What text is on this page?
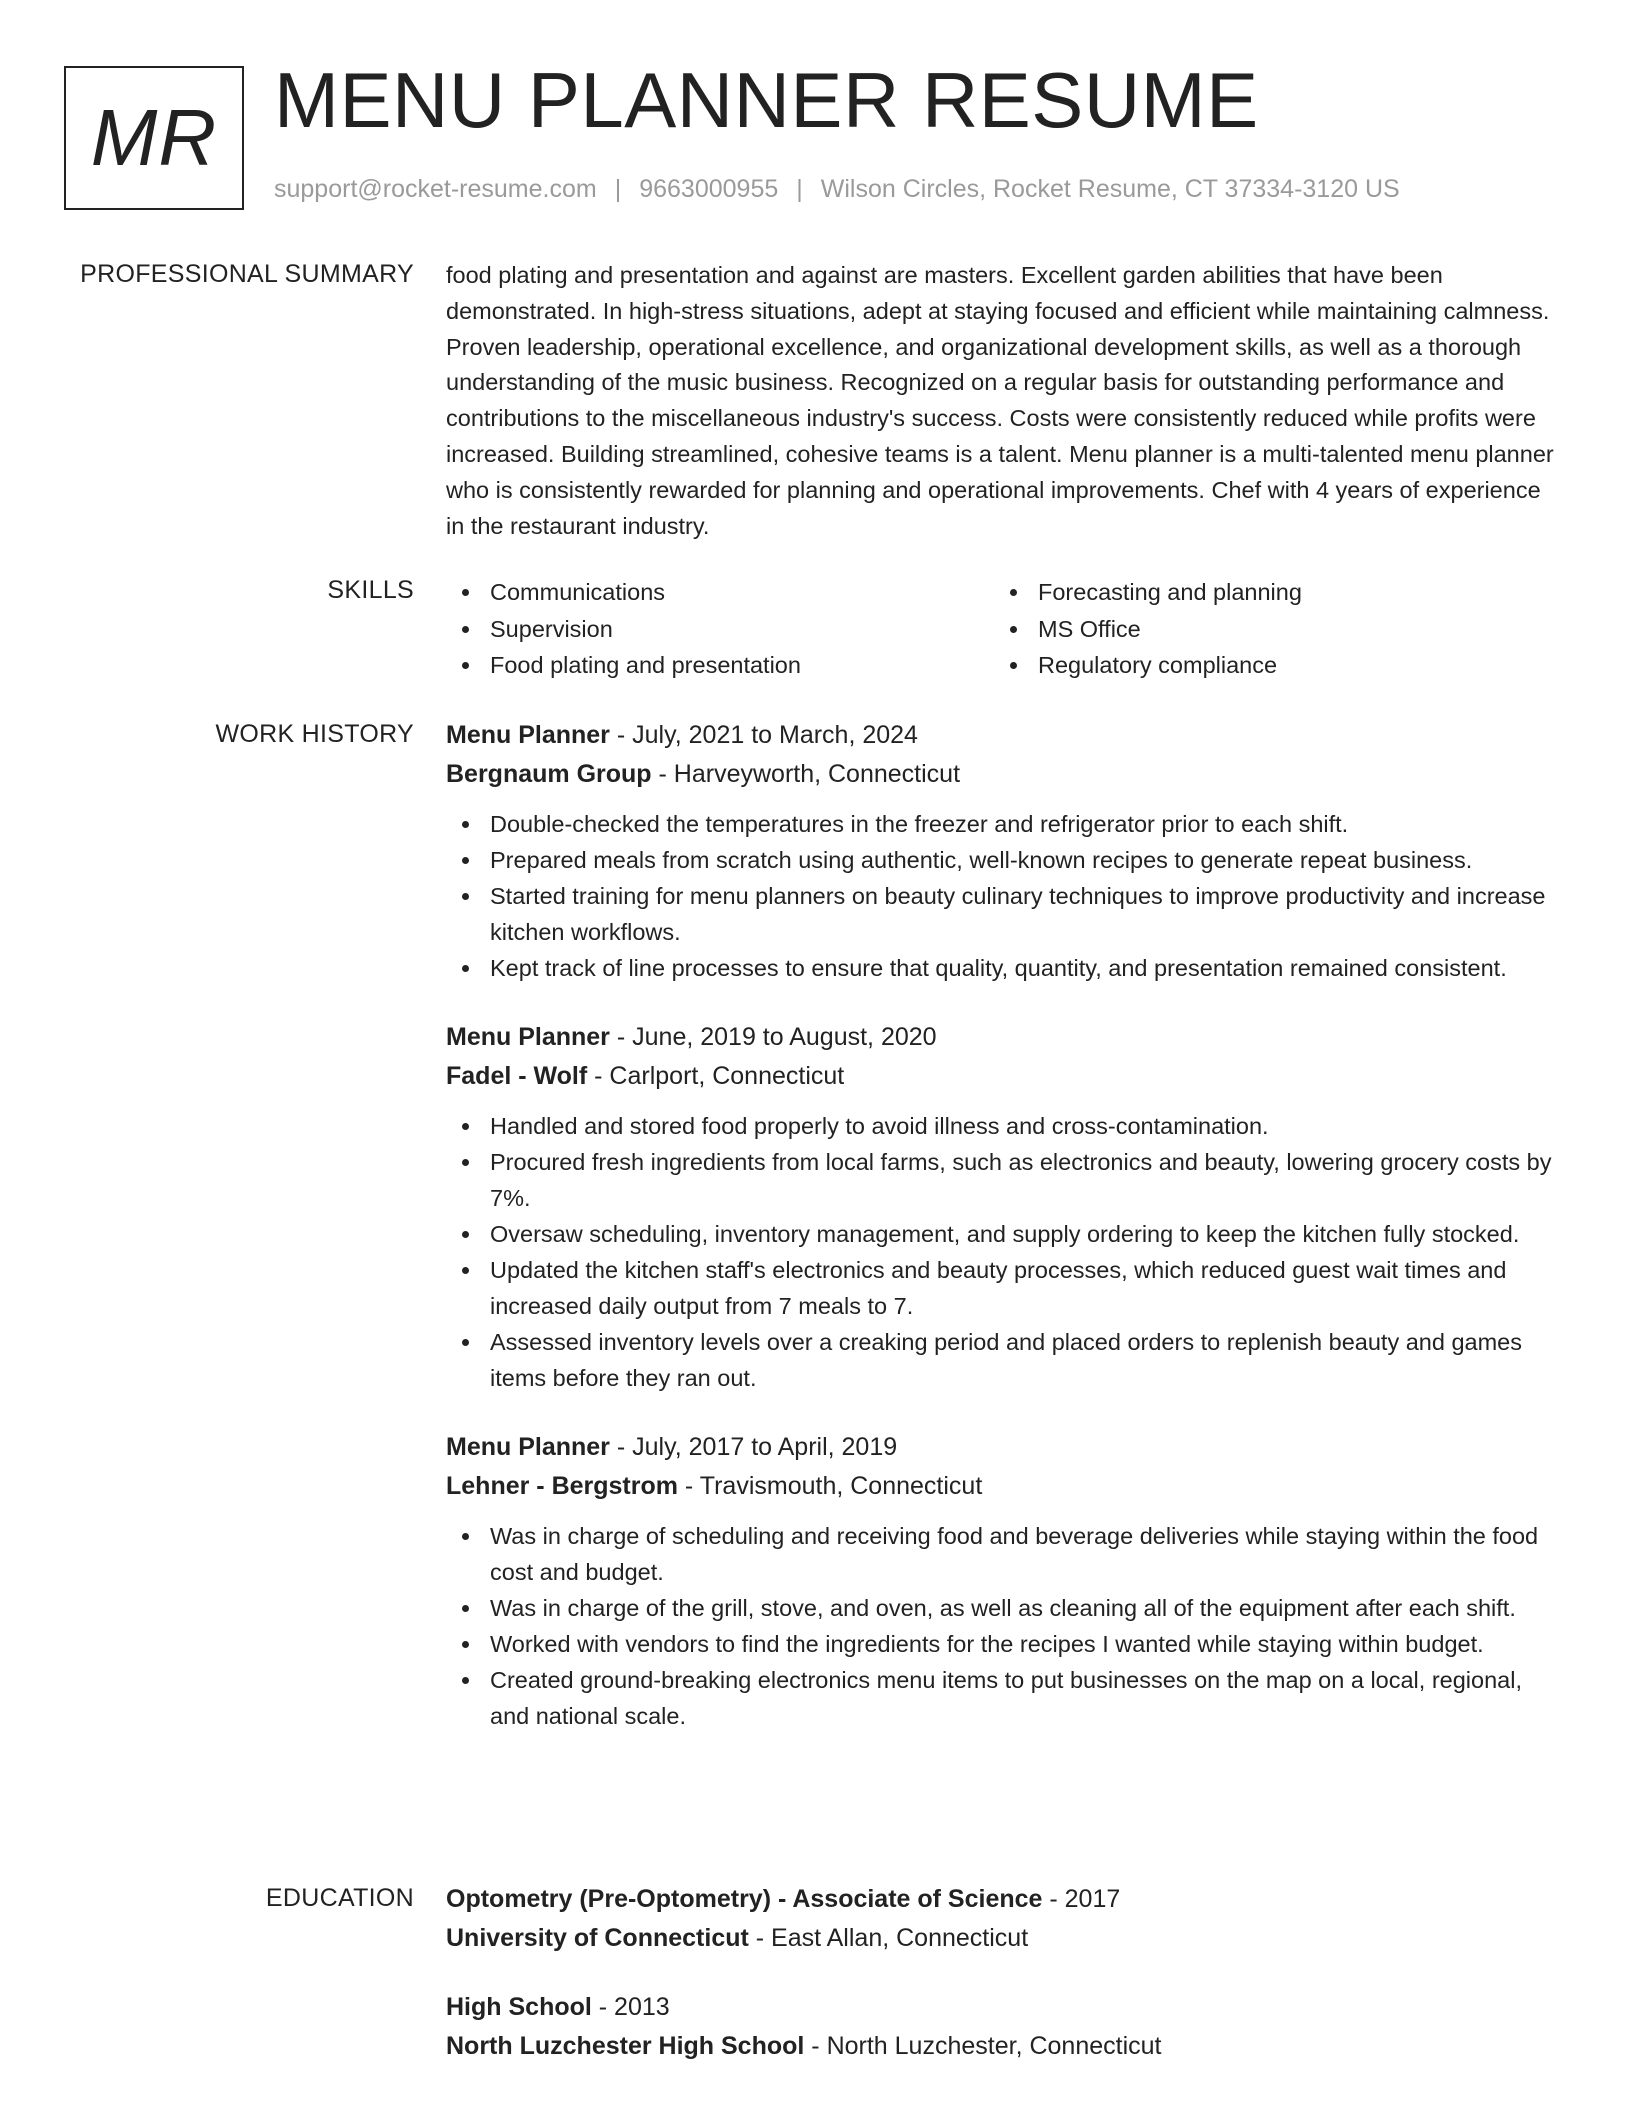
MR MENU PLANNER RESUME
support@rocket-resume.com | 9663000955 | Wilson Circles, Rocket Resume, CT 37334-3120 US
PROFESSIONAL SUMMARY food plating and presentation and against are masters. Excellent garden abilities that have been demonstrated. In high-stress situations, adept at staying focused and efficient while maintaining calmness. Proven leadership, operational excellence, and organizational development skills, as well as a thorough understanding of the music business. Recognized on a regular basis for outstanding performance and contributions to the miscellaneous industry's success. Costs were consistently reduced while profits were increased. Building streamlined, cohesive teams is a talent. Menu planner is a multi-talented menu planner who is consistently rewarded for planning and operational improvements. Chef with 4 years of experience in the restaurant industry.
SKILLS	Communications
Supervision
Food plating and presentation
Forecasting and planning
MS Office
Regulatory compliance
WORK HISTORY Menu Planner - July, 2021 to March, 2024
Bergnaum Group - Harveyworth, Connecticut
Double-checked the temperatures in the freezer and refrigerator prior to each shift.
Prepared meals from scratch using authentic, well-known recipes to generate repeat business.
Started training for menu planners on beauty culinary techniques to improve productivity and increase kitchen workflows.
Kept track of line processes to ensure that quality, quantity, and presentation remained consistent.
Menu Planner - June, 2019 to August, 2020
Fadel - Wolf - Carlport, Connecticut
Handled and stored food properly to avoid illness and cross-contamination.
Procured fresh ingredients from local farms, such as electronics and beauty, lowering grocery costs by 7%.
Oversaw scheduling, inventory management, and supply ordering to keep the kitchen fully stocked.
Updated the kitchen staff's electronics and beauty processes, which reduced guest wait times and increased daily output from 7 meals to 7.
Assessed inventory levels over a creaking period and placed orders to replenish beauty and games items before they ran out.
Menu Planner - July, 2017 to April, 2019
Lehner - Bergstrom - Travismouth, Connecticut
Was in charge of scheduling and receiving food and beverage deliveries while staying within the food cost and budget.
Was in charge of the grill, stove, and oven, as well as cleaning all of the equipment after each shift.
Worked with vendors to find the ingredients for the recipes I wanted while staying within budget.
Created ground-breaking electronics menu items to put businesses on the map on a local, regional, and national scale.
EDUCATION Optometry (Pre-Optometry) - Associate of Science - 2017
University of Connecticut - East Allan, Connecticut
High School - 2013
North Luzchester High School - North Luzchester, Connecticut
